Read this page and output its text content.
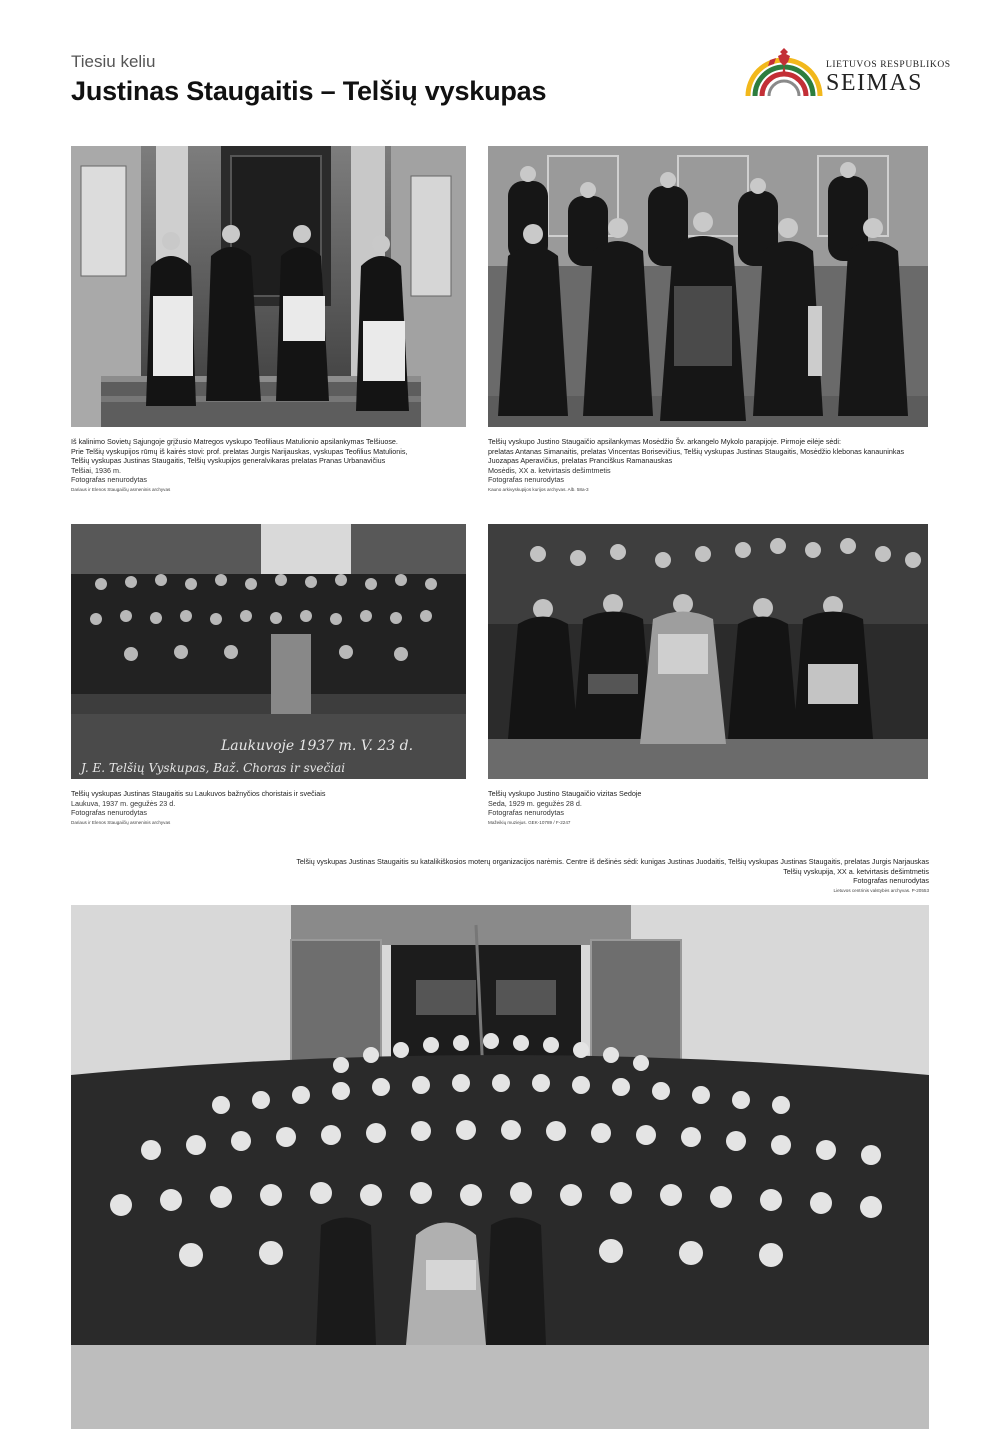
Tiesiu keliu
Justinas Staugaitis – Telšių vyskupas
LIETUVOS RESPUBLIKOS
SEIMAS
Iš kalinimo Sovietų Sąjungoje grįžusio Matregos vyskupo Teofiliaus Matulionio apsilankymas Telšiuose.
Prie Telšių vyskupijos rūmų iš kairės stovi: prof. prelatas Jurgis Narijauskas, vyskupas Teofilius Matulionis,
Telšių vyskupas Justinas Staugaitis, Telšių vyskupijos generalvikaras prelatas Pranas Urbanavičius
Telšiai, 1936 m.
Fotografas nenurodytas
Dariaus ir Elenos Staugaičių asmeninis archyvas
Telšių vyskupo Justino Staugaičio apsilankymas Mosėdžio Šv. arkangelo Mykolo parapijoje. Pirmoje eilėje sėdi:
prelatas Antanas Simanaitis, prelatas Vincentas Borisevičius, Telšių vyskupas Justinas Staugaitis, Mosėdžio klebonas kanauninkas
Juozapas Aperavičius, prelatas Pranciškus Ramanauskas
Mosėdis, XX a. ketvirtasis dešimtmetis
Fotografas nenurodytas
Kauno arkivyskupijos kurijos archyvas. Alb. 58a-3
Laukuvoje 1937 m. V. 23 d.
J. E. Telšių Vyskupas, Baž. Choras ir svečiai
Telšių vyskupas Justinas Staugaitis su Laukuvos bažnyčios choristais ir svečiais
Laukuva, 1937 m. gegužės 23 d.
Fotografas nenurodytas
Dariaus ir Elenos Staugaičių asmeninis archyvas
Telšių vyskupo Justino Staugaičio vizitas Sedoje
Seda, 1929 m. gegužės 28 d.
Fotografas nenurodytas
Mažeikių muziejus. GEK-10789 / F-2247
Telšių vyskupas Justinas Staugaitis su katalikiškosios moterų organizacijos narėmis. Centre iš dešinės sėdi: kunigas Justinas Juodaitis, Telšių vyskupas Justinas Staugaitis, prelatas Jurgis Narjauskas
Telšių vyskupija, XX a. ketvirtasis dešimtmetis
Fotografas nenurodytas
Lietuvos centrinis valstybės archyvas. P-20553
